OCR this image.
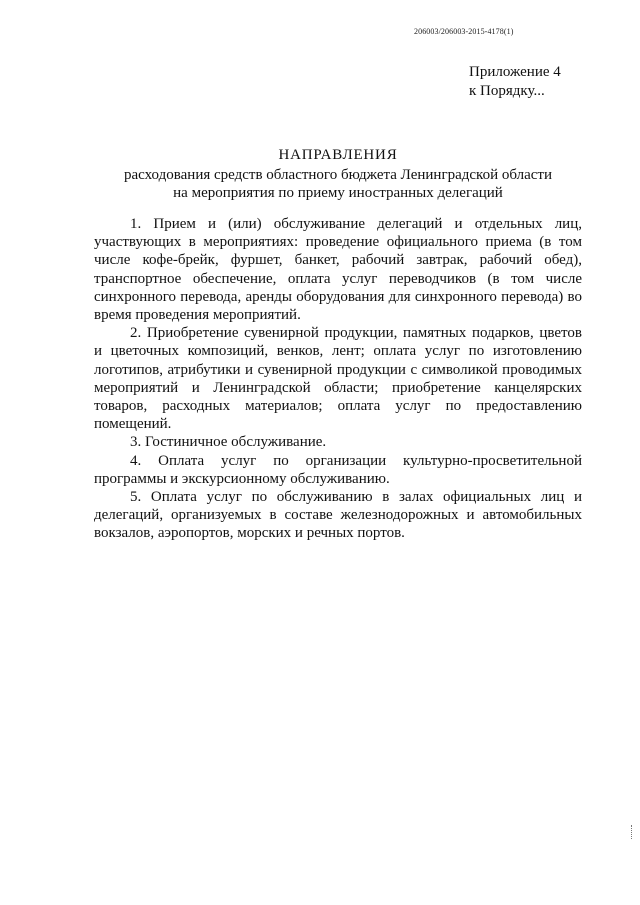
206003/206003-2015-4178(1)
Приложение 4
к Порядку...
НАПРАВЛЕНИЯ
расходования средств областного бюджета Ленинградской области
на мероприятия по приему иностранных делегаций

1. Прием и (или) обслуживание делегаций и отдельных лиц, участвующих в мероприятиях: проведение официального приема (в том числе кофе-брейк, фуршет, банкет, рабочий завтрак, рабочий обед), транспортное обеспечение, оплата услуг переводчиков (в том числе синхронного перевода, аренды оборудования для синхронного перевода) во время проведения мероприятий.

2. Приобретение сувенирной продукции, памятных подарков, цветов и цветочных композиций, венков, лент; оплата услуг по изготовлению логотипов, атрибутики и сувенирной продукции с символикой проводимых мероприятий и Ленинградской области; приобретение канцелярских товаров, расходных материалов; оплата услуг по предоставлению помещений.

3. Гостиничное обслуживание.

4. Оплата услуг по организации культурно-просветительной программы и экскурсионному обслуживанию.

5. Оплата услуг по обслуживанию в залах официальных лиц и делегаций, организуемых в составе железнодорожных и автомобильных вокзалов, аэропортов, морских и речных портов.
